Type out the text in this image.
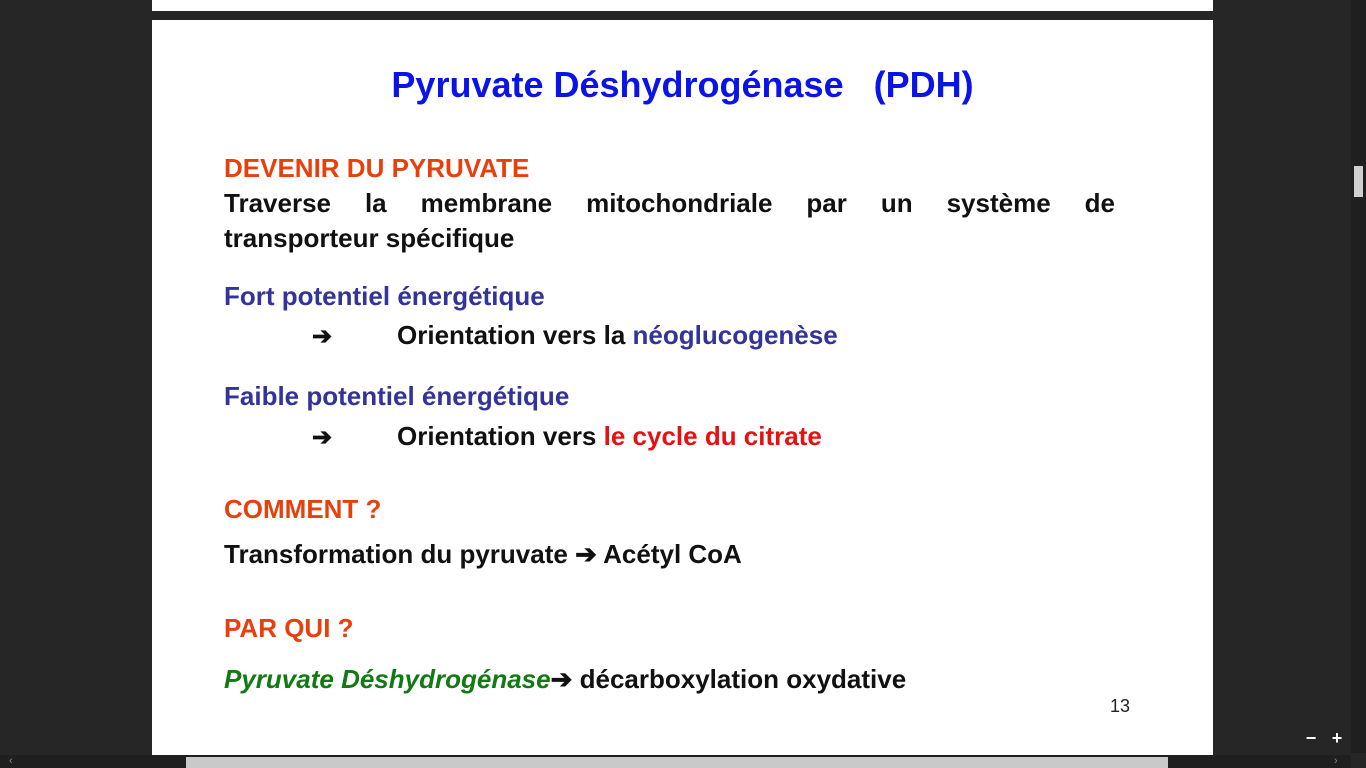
Pyruvate Déshydrogénase   (PDH)
DEVENIR DU PYRUVATE
Traverse la membrane mitochondriale par un système de
transporteur spécifique
Fort potentiel énergétique
➔ Orientation vers la néoglucogenèse
Faible potentiel énergétique
➔ Orientation vers le cycle du citrate
COMMENT ?
Transformation du pyruvate ➔ Acétyl CoA
PAR QUI ?
Pyruvate Déshydrogénase➔ décarboxylation oxydative
13
‹	›
− +
